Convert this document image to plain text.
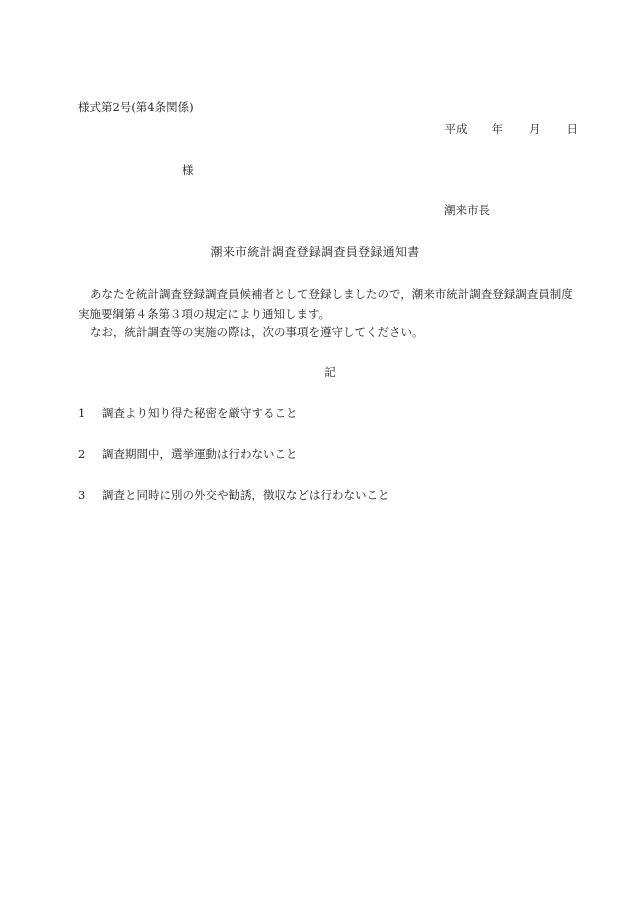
様式第2号(第4条関係)

平成 年 月 日

様

潮来市長

潮来市統計調査登録調査員登録通知書

あなたを統計調査登録調査員候補者として登録しましたので，潮来市統計調査登録調査員制度実施要綱第４条第３項の規定により通知します。

なお，統計調査等の実施の際は，次の事項を遵守してください。

記

1	調査より知り得た秘密を厳守すること
2	調査期間中，選挙運動は行わないこと
3	調査と同時に別の外交や勧誘，徴収などは行わないこと
